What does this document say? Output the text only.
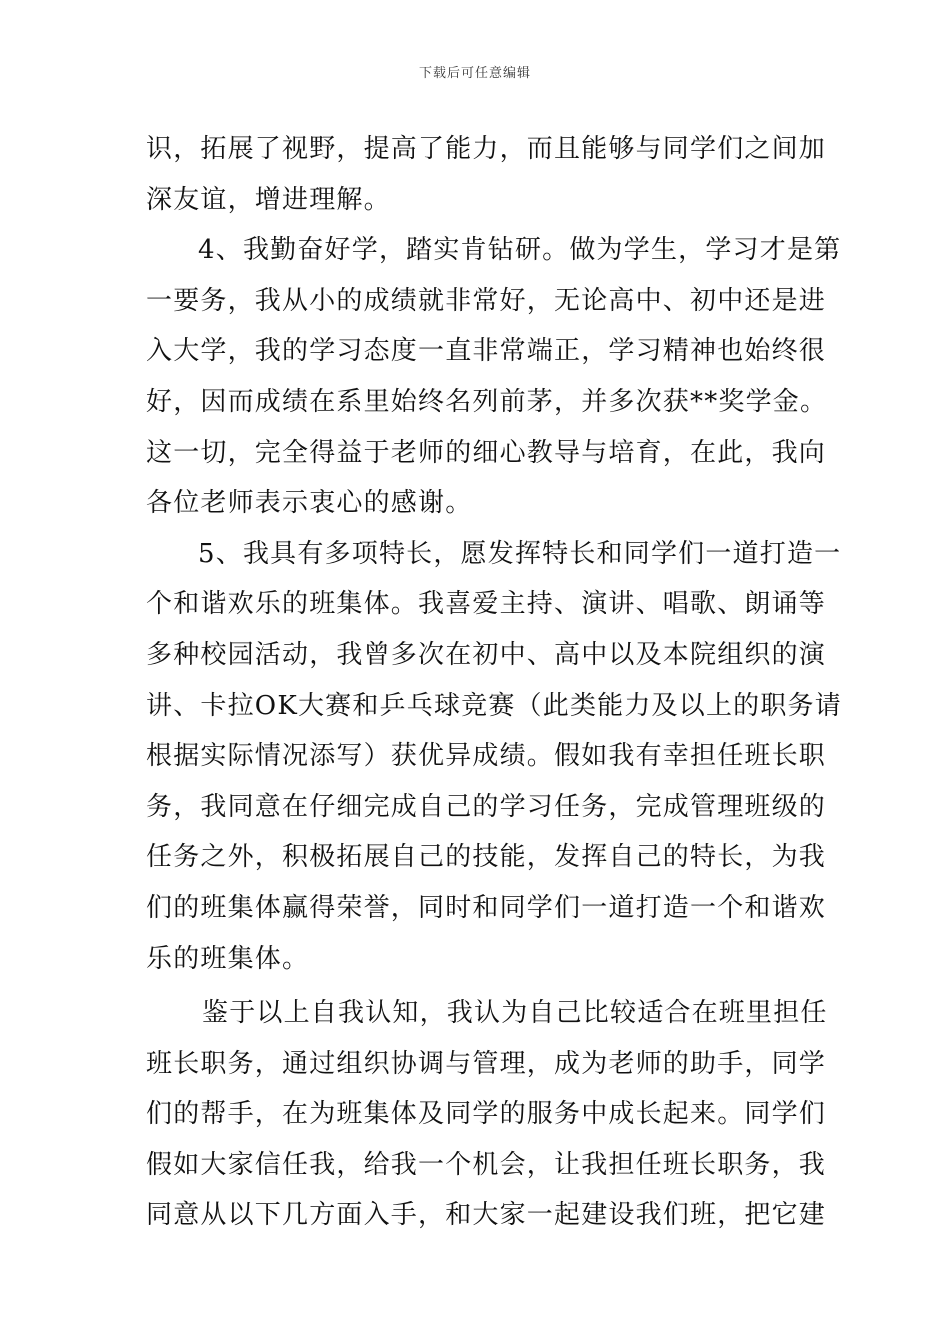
下载后可任意编辑
识，拓展了视野，提高了能力，而且能够与同学们之间加
深友谊，增进理解。
4、我勤奋好学，踏实肯钻研。做为学生，学习才是第
一要务，我从小的成绩就非常好，无论高中、初中还是进
入大学，我的学习态度一直非常端正，学习精神也始终很
好，因而成绩在系里始终名列前茅，并多次获**奖学金。
这一切，完全得益于老师的细心教导与培育，在此，我向
各位老师表示衷心的感谢。
5、我具有多项特长，愿发挥特长和同学们一道打造一
个和谐欢乐的班集体。我喜爱主持、演讲、唱歌、朗诵等
多种校园活动，我曾多次在初中、高中以及本院组织的演
讲、卡拉OK大赛和乒乓球竞赛（此类能力及以上的职务请
根据实际情况添写）获优异成绩。假如我有幸担任班长职
务，我同意在仔细完成自己的学习任务，完成管理班级的
任务之外，积极拓展自己的技能，发挥自己的特长，为我
们的班集体赢得荣誉，同时和同学们一道打造一个和谐欢
乐的班集体。
鉴于以上自我认知，我认为自己比较适合在班里担任
班长职务，通过组织协调与管理，成为老师的助手，同学
们的帮手，在为班集体及同学的服务中成长起来。同学们
假如大家信任我，给我一个机会，让我担任班长职务，我
同意从以下几方面入手，和大家一起建设我们班，把它建
